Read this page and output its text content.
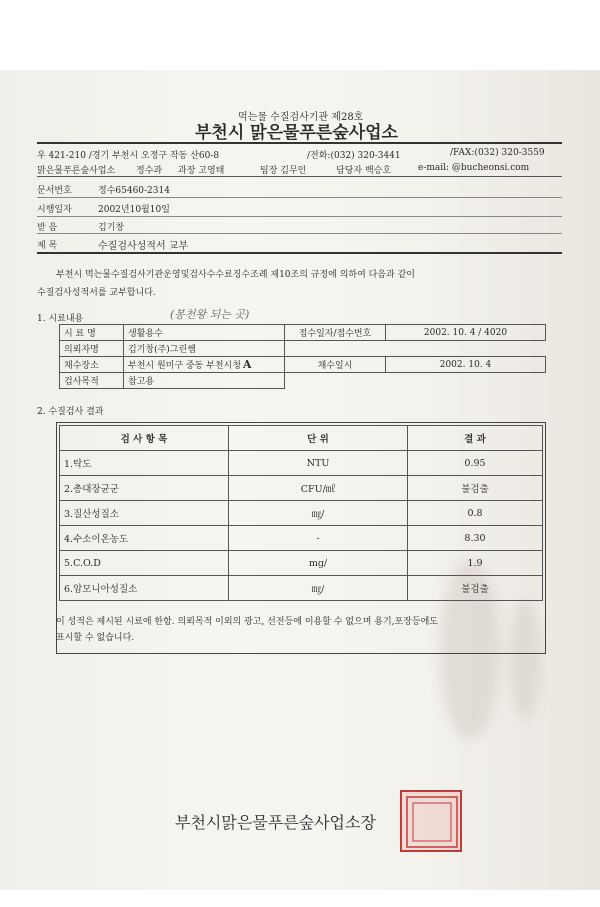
먹는물 수질검사기관 제28호
부천시 맑은물푸른숲사업소
우 421-210 /경기 부천시 오정구 작동 산60-8	/전화:(032) 320-3441	/FAX:(032) 320-3559
맑은물푸른숲사업소 정수과 과장 고영태	팀장 김무인	담당자 백승호	e-mail: @bucheonsi.com
문서번호	정수65460-2314
시행일자	2002년10월10일
받 음	김기창
제 목	수질검사성적서 교부
부천시 먹는물수질검사기관운영및검사수수료징수조례 제10조의 규정에 의하여 다음과 같이
수질검사성적서를 교부합니다.
1. 시료내용	(봉천왕 되는 곳)
시 료 명	생활용수	접수일자/접수번호	2002. 10. 4 / 4020
의뢰자명	김기창(주)그린쌤		
채수장소	부천시 원미구 중동 부천시청 A	채수일시	2002. 10. 4
검사목적	참고용		
2. 수질검사 결과
검 사 항 목	단 위	결 과
1.탁도	NTU	0.95
2.총대장균군	CFU/㎖	불검출
3.질산성질소	㎎/	0.8
4.수소이온농도	-	8.30
5.C.O.D	mg/	1.9
6.암모니아성질소	㎎/	불검출
이 성적은 제시된 시료에 한함. 의뢰목적 이외의 광고, 선전등에 이용할 수 없으며 용기,포장등에도
표시할 수 없습니다.
부천시맑은물푸른숲사업소장
